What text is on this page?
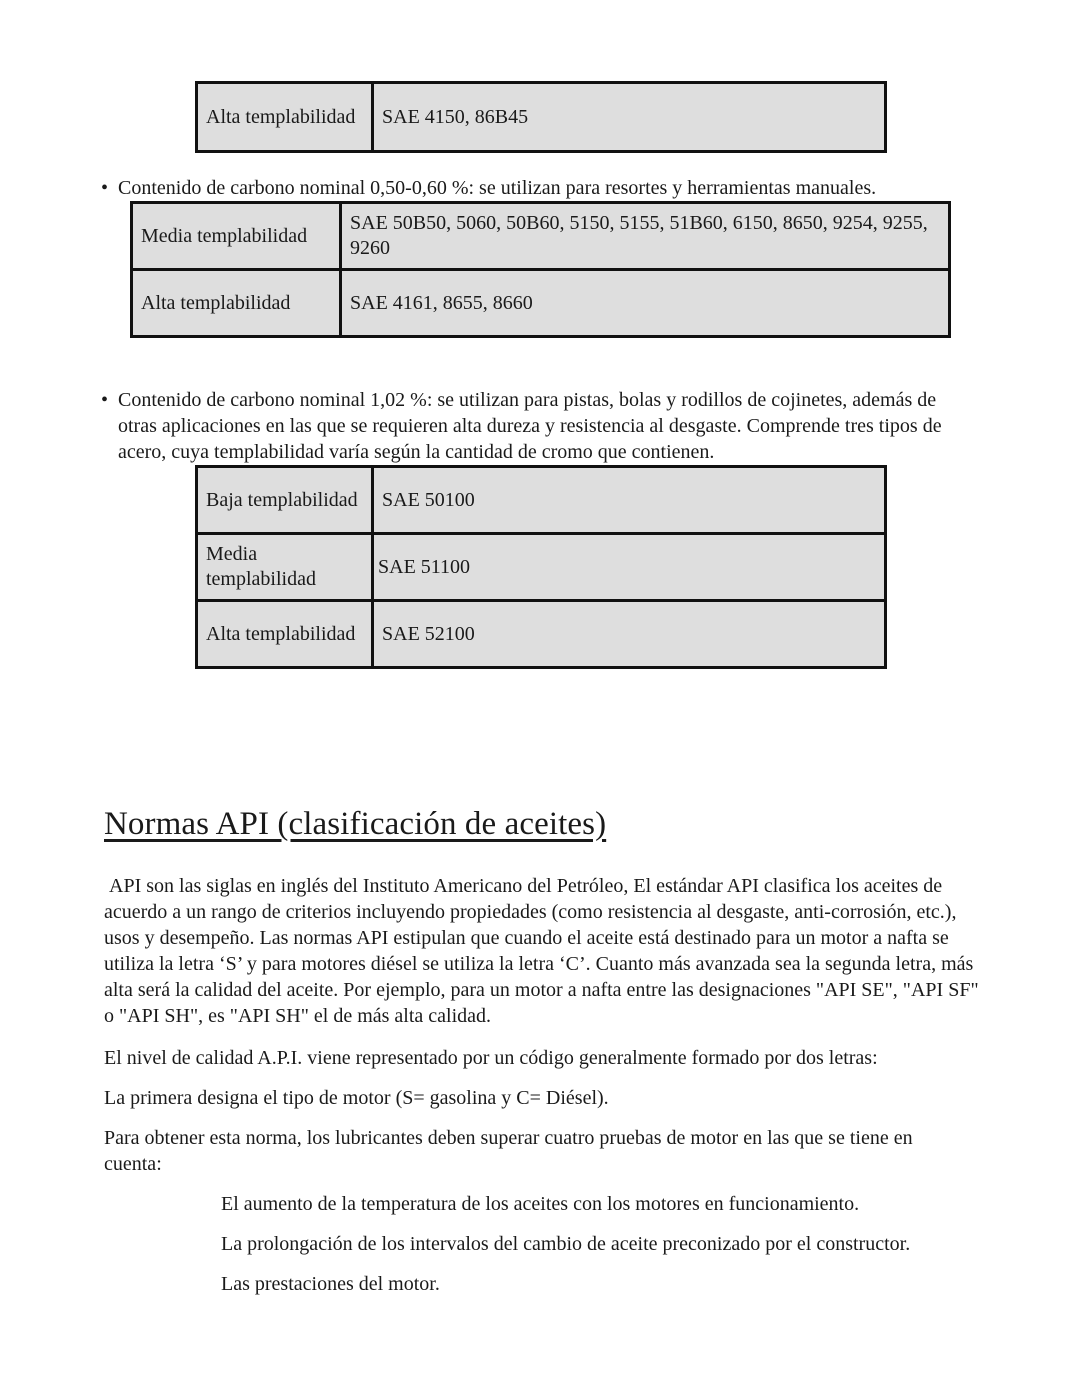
Alta templabilidad	SAE 4150, 86B45
• Contenido de carbono nominal 0,50-0,60 %: se utilizan para resortes y herramientas manuales.
Media templabilidad	SAE 50B50, 5060, 50B60, 5150, 5155, 51B60, 6150, 8650, 9254, 9255, 9260
Alta templabilidad	SAE 4161, 8655, 8660
• Contenido de carbono nominal 1,02 %: se utilizan para pistas, bolas y rodillos de cojinetes, además de otras aplicaciones en las que se requieren alta dureza y resistencia al desgaste. Comprende tres tipos de acero, cuya templabilidad varía según la cantidad de cromo que contienen.
Baja templabilidad	SAE 50100
Media templabilidad	SAE 51100
Alta templabilidad	SAE 52100
Normas API (clasificación de aceites)

API son las siglas en inglés del Instituto Americano del Petróleo, El estándar API clasifica los aceites de acuerdo a un rango de criterios incluyendo propiedades (como resistencia al desgaste, anti-corrosión, etc.), usos y desempeño. Las normas API estipulan que cuando el aceite está destinado para un motor a nafta se utiliza la letra ‘S’ y para motores diésel se utiliza la letra ‘C’. Cuanto más avanzada sea la segunda letra, más alta será la calidad del aceite. Por ejemplo, para un motor a nafta entre las designaciones "API SE", "API SF" o "API SH", es "API SH" el de más alta calidad.

El nivel de calidad A.P.I. viene representado por un código generalmente formado por dos letras:

La primera designa el tipo de motor (S= gasolina y C= Diésel).

Para obtener esta norma, los lubricantes deben superar cuatro pruebas de motor en las que se tiene en cuenta:

El aumento de la temperatura de los aceites con los motores en funcionamiento.

La prolongación de los intervalos del cambio de aceite preconizado por el constructor.

Las prestaciones del motor.
